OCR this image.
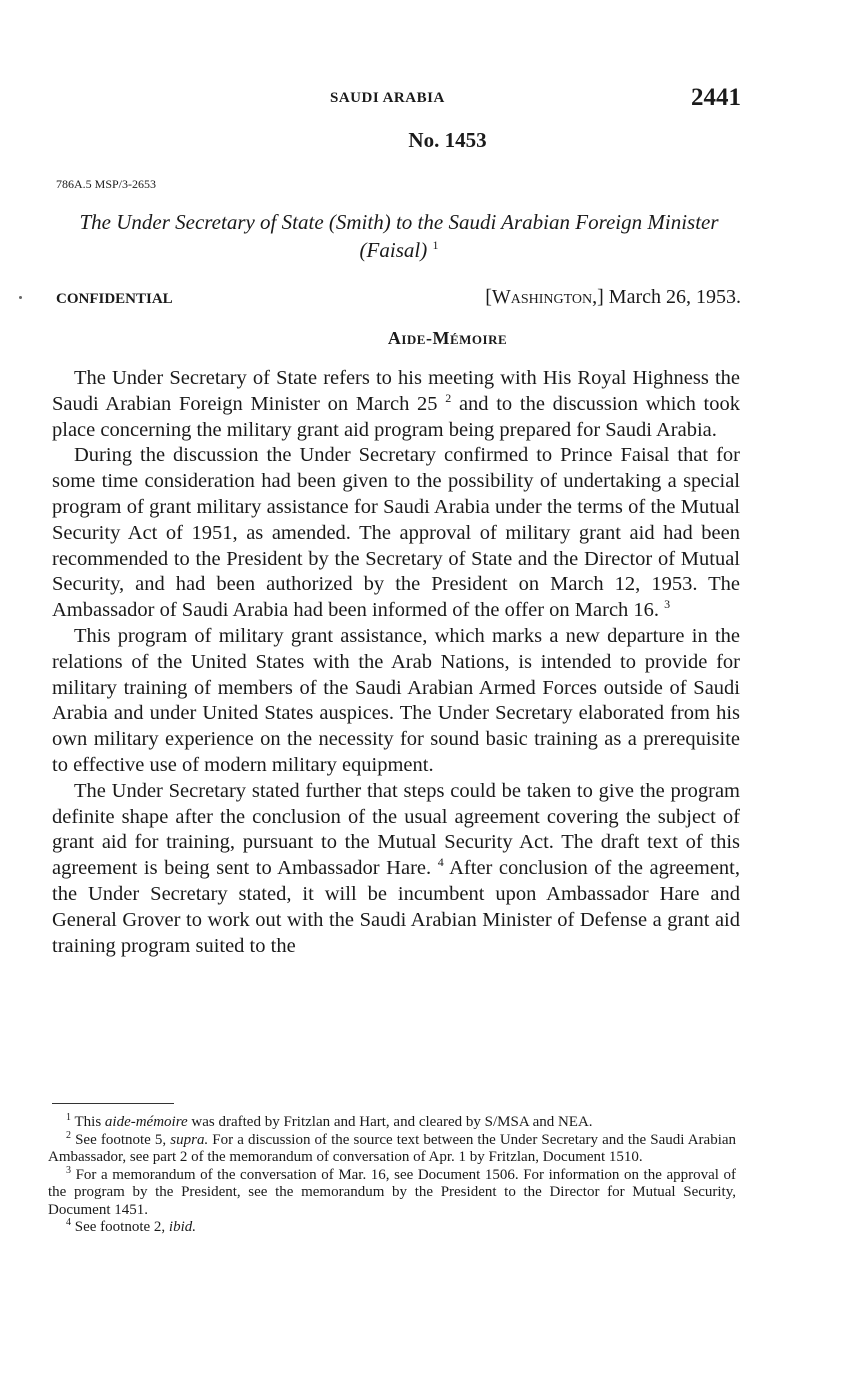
SAUDI ARABIA	2441
No. 1453
786A.5 MSP/3-2653
The Under Secretary of State (Smith) to the Saudi Arabian Foreign Minister (Faisal) $^1$
CONFIDENTIAL	[Washington,] March 26, 1953.
Aide-Mémoire

The Under Secretary of State refers to his meeting with His Royal Highness the Saudi Arabian Foreign Minister on March 25 $^2$ and to the discussion which took place concerning the military grant aid program being prepared for Saudi Arabia.

During the discussion the Under Secretary confirmed to Prince Faisal that for some time consideration had been given to the possibility of undertaking a special program of grant military assistance for Saudi Arabia under the terms of the Mutual Security Act of 1951, as amended. The approval of military grant aid had been recommended to the President by the Secretary of State and the Director of Mutual Security, and had been authorized by the President on March 12, 1953. The Ambassador of Saudi Arabia had been informed of the offer on March 16. $^3$

This program of military grant assistance, which marks a new departure in the relations of the United States with the Arab Nations, is intended to provide for military training of members of the Saudi Arabian Armed Forces outside of Saudi Arabia and under United States auspices. The Under Secretary elaborated from his own military experience on the necessity for sound basic training as a prerequisite to effective use of modern military equipment.

The Under Secretary stated further that steps could be taken to give the program definite shape after the conclusion of the usual agreement covering the subject of grant aid for training, pursuant to the Mutual Security Act. The draft text of this agreement is being sent to Ambassador Hare. $^4$ After conclusion of the agreement, the Under Secretary stated, it will be incumbent upon Ambassador Hare and General Grover to work out with the Saudi Arabian Minister of Defense a grant aid training program suited to the

$^1$ This aide-mémoire was drafted by Fritzlan and Hart, and cleared by S/MSA and NEA.

$^2$ See footnote 5, supra. For a discussion of the source text between the Under Secretary and the Saudi Arabian Ambassador, see part 2 of the memorandum of conversation of Apr. 1 by Fritzlan, Document 1510.

$^3$ For a memorandum of the conversation of Mar. 16, see Document 1506. For information on the approval of the program by the President, see the memorandum by the President to the Director for Mutual Security, Document 1451.

$^4$ See footnote 2, ibid.
